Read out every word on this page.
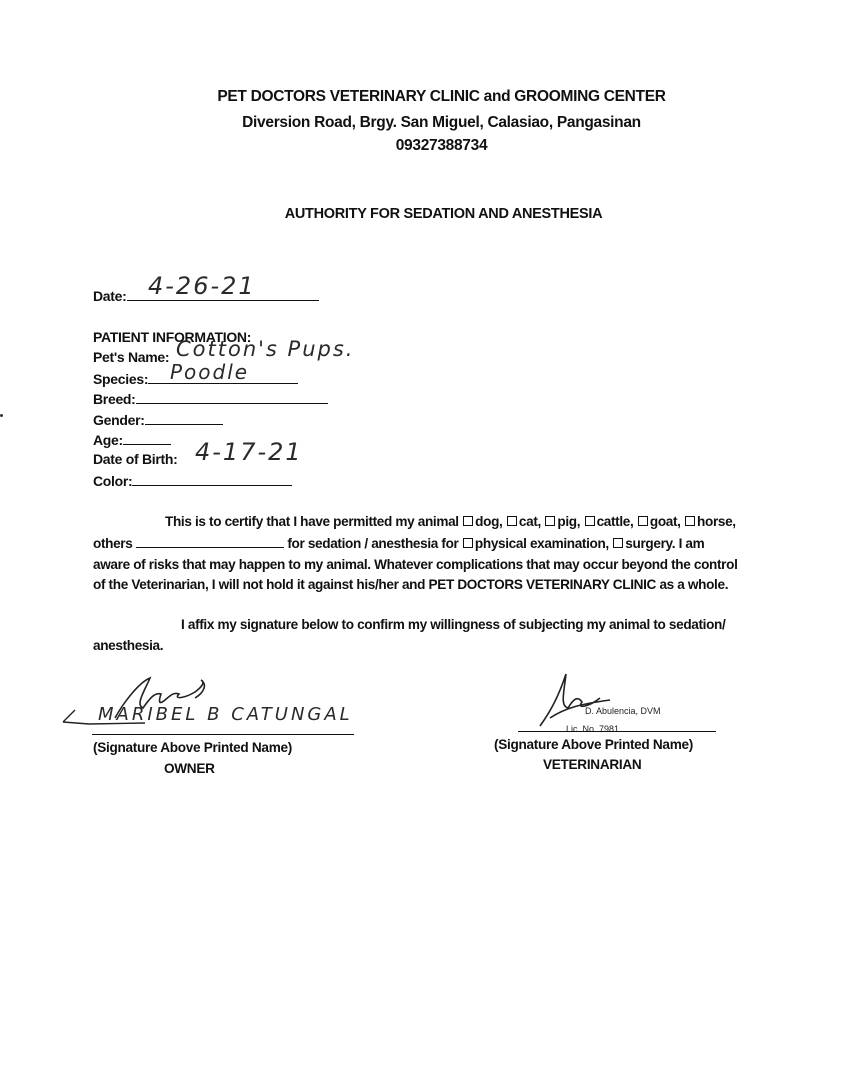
PET DOCTORS VETERINARY CLINIC and GROOMING CENTER
Diversion Road, Brgy. San Miguel, Calasiao, Pangasinan
09327388734
AUTHORITY FOR SEDATION AND ANESTHESIA
Date: 4-26-21
PATIENT INFORMATION:
Pet's Name: Cotton's Pups.
Species:	Poodle
Breed:
Gender:
Age:
Date of Birth: 4-17-21
Color:
This is to certify that I have permitted my animal dog, cat, pig, cattle, goat, horse, others	for sedation / anesthesia for physical examination, surgery. I am aware of risks that may happen to my animal. Whatever complications that may occur beyond the control of the Veterinarian, I will not hold it against his/her and PET DOCTORS VETERINARY CLINIC as a whole.
I affix my signature below to confirm my willingness of subjecting my animal to sedation/ anesthesia.
MARIBEL B CATUNGAL
(Signature Above Printed Name)
OWNER
D. Abulencia, DVM
Lic. No. 7981
(Signature Above Printed Name)
VETERINARIAN
